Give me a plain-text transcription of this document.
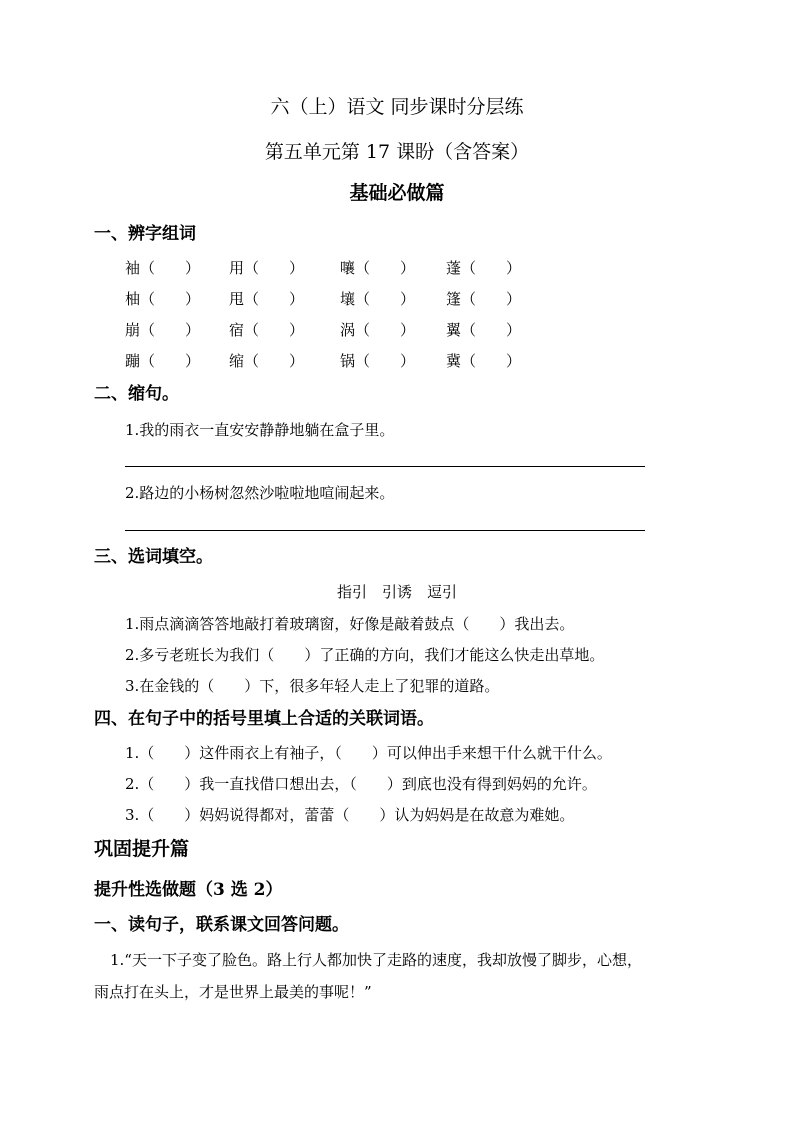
六（上）语文 同步课时分层练
第五单元第 17 课盼（含答案）
基础必做篇
一、辨字组词
袖（　　） 用（　　） 嚷（　　） 蓬（　　）
柚（　　） 甩（　　） 壤（　　） 篷（　　）
崩（　　） 宿（　　） 涡（　　） 翼（　　）
蹦（　　） 缩（　　） 锅（　　） 冀（　　）
二、缩句。
1.我的雨衣一直安安静静地躺在盒子里。
2.路边的小杨树忽然沙啦啦地喧闹起来。
三、选词填空。
指引　引诱　逗引
1.雨点滴滴答答地敲打着玻璃窗，好像是敲着鼓点（　　）我出去。
2.多亏老班长为我们（　　）了正确的方向，我们才能这么快走出草地。
3.在金钱的（　　）下，很多年轻人走上了犯罪的道路。
四、在句子中的括号里填上合适的关联词语。
1.（　　）这件雨衣上有袖子，（　　）可以伸出手来想干什么就干什么。
2.（　　）我一直找借口想出去，（　　）到底也没有得到妈妈的允许。
3.（　　）妈妈说得都对，蕾蕾（　　）认为妈妈是在故意为难她。
巩固提升篇
提升性选做题（3 选 2）
一、读句子，联系课文回答问题。
1.“天一下子变了脸色。路上行人都加快了走路的速度，我却放慢了脚步，心想，
雨点打在头上，才是世界上最美的事呢！”
